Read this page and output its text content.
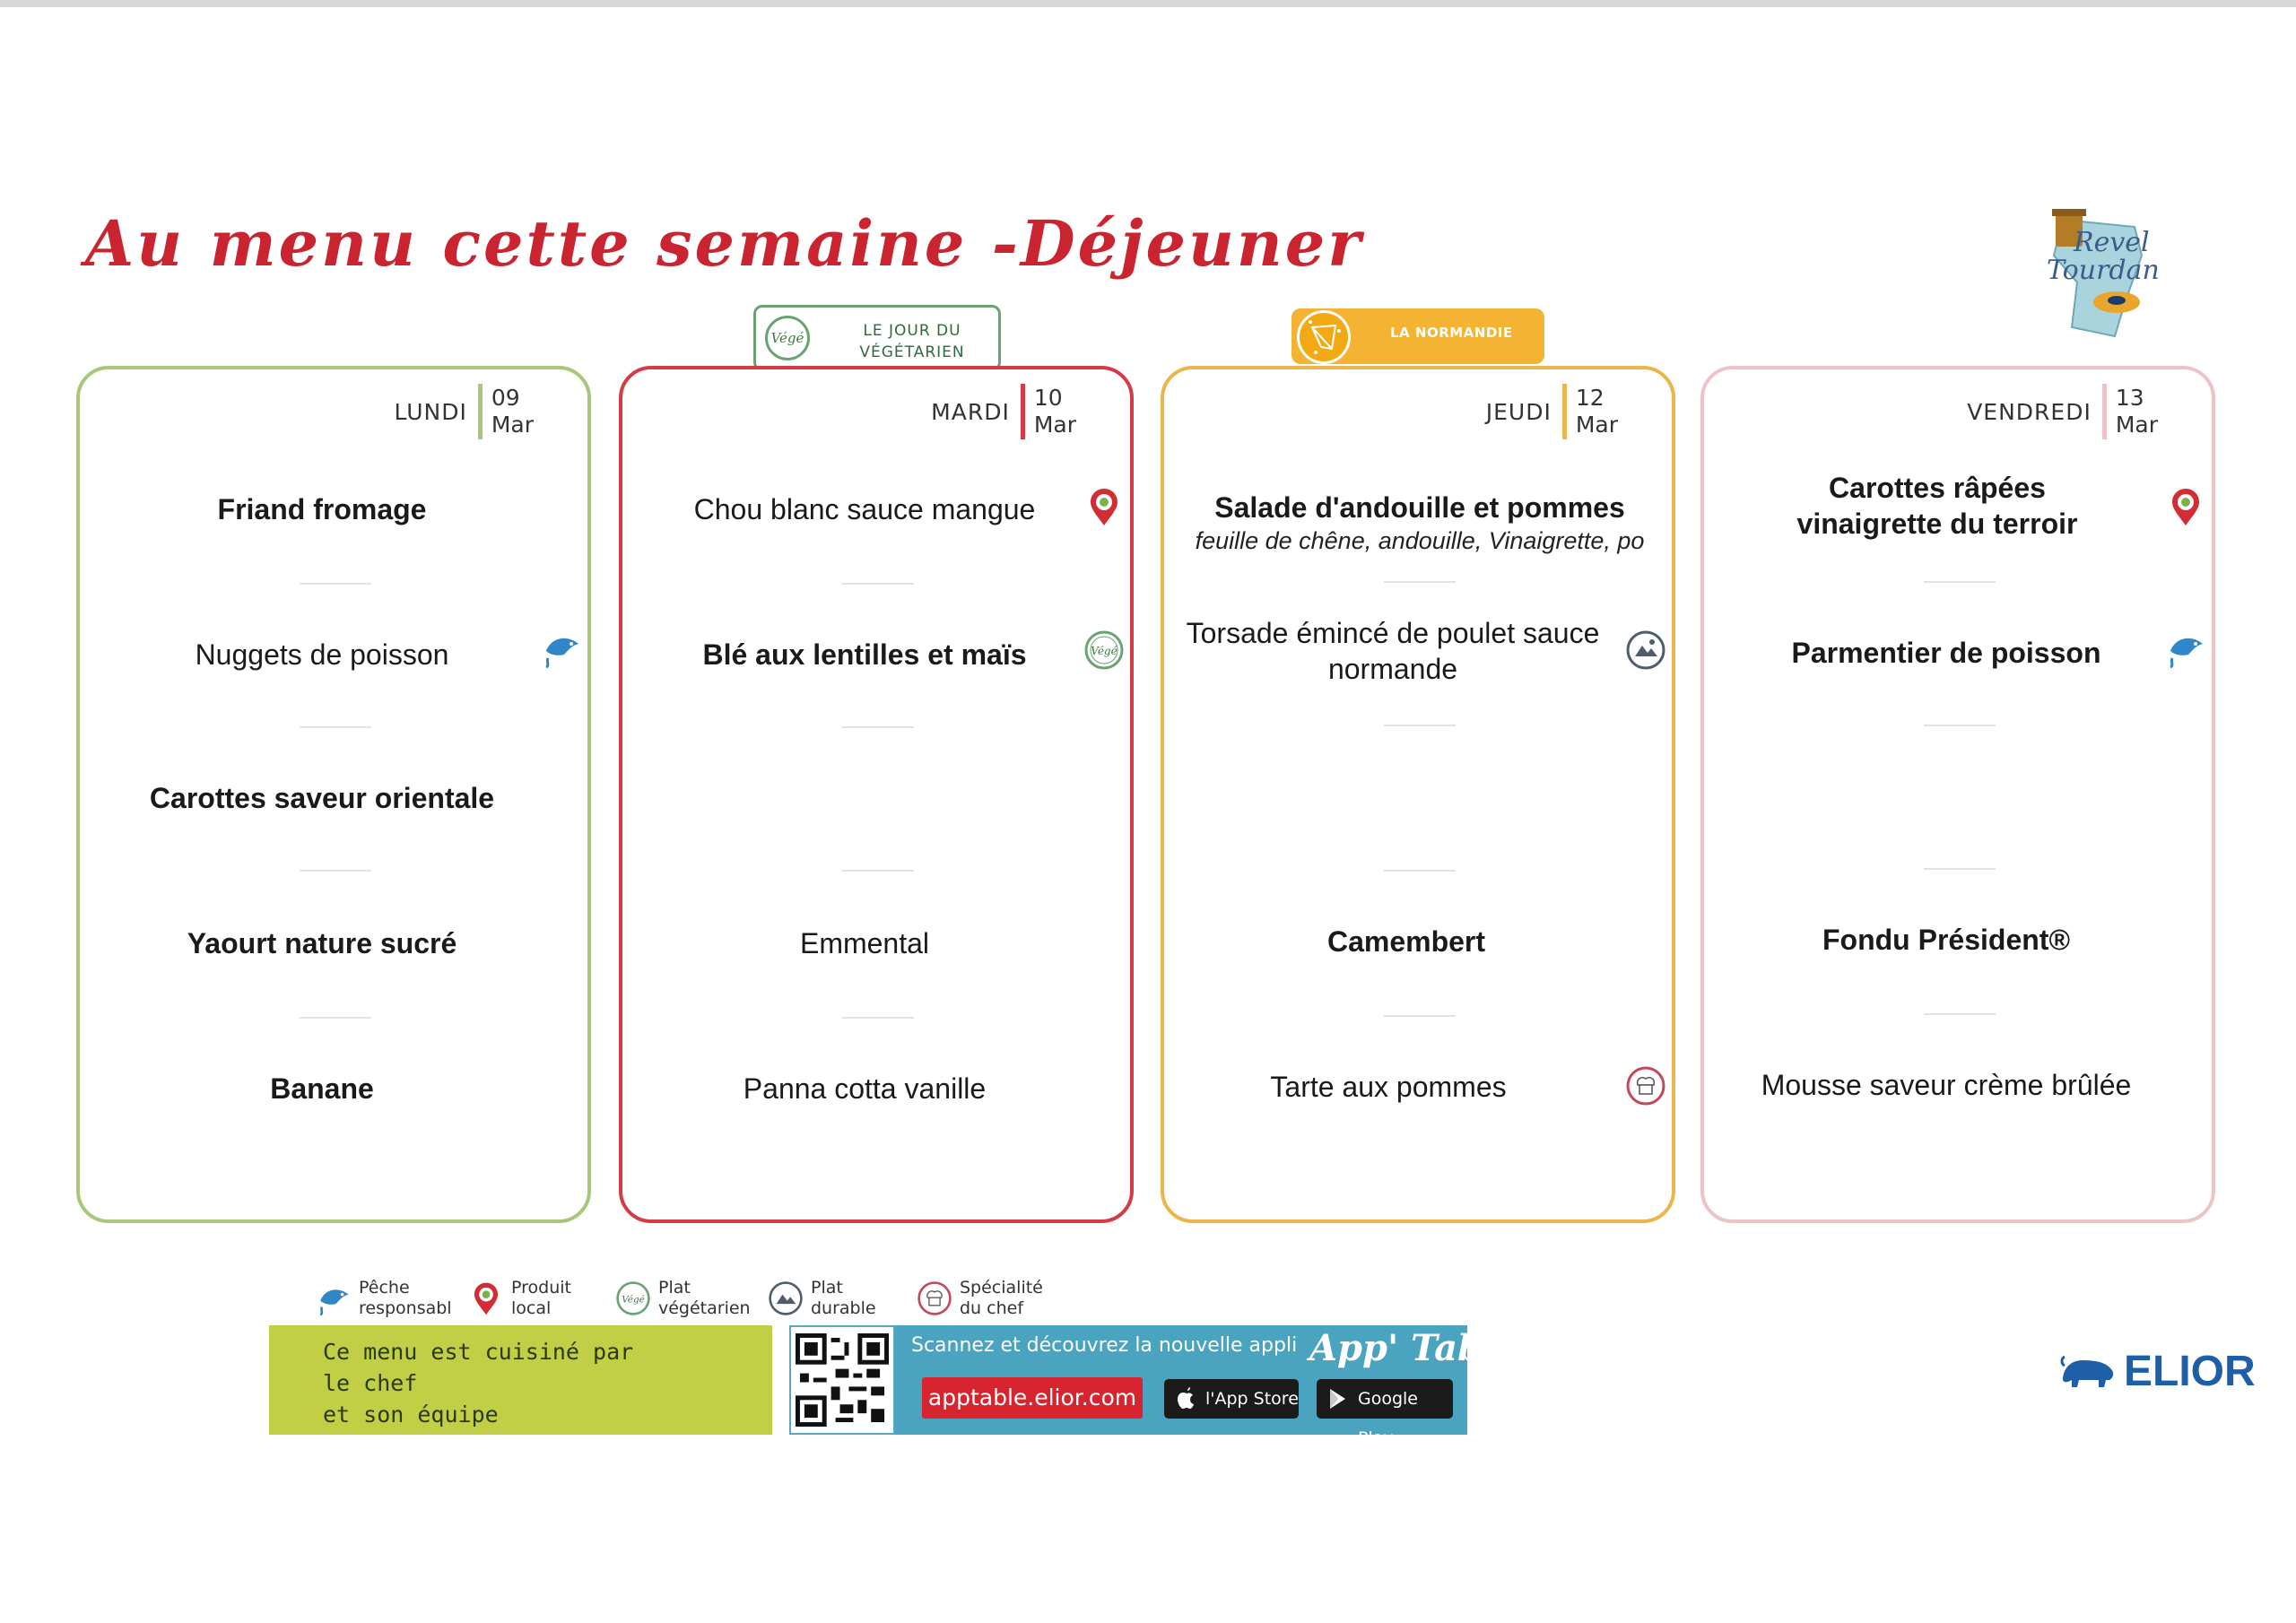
Au menu cette semaine -Déjeuner	Revel
Tourdan
Végé	LE JOUR DU
VÉGÉTARIEN
LA NORMANDIE
LUNDI
09
Mar
Friand fromage
Nuggets de poisson
Carottes saveur orientale
Yaourt nature sucré
Banane
MARDI
10
Mar
Chou blanc sauce mangue
Blé aux lentilles et maïs	Végé
Emmental
Panna cotta vanille
JEUDI
12
Mar
Salade d'andouille et pommes
feuille de chêne, andouille, Vinaigrette, po
Torsade émincé de poulet sauce normande
Camembert
Tarte aux pommes
VENDREDI
13
Mar
Carottes râpées vinaigrette du terroir
Parmentier de poisson
Fondu Président®
Mousse saveur crème brûlée
Pêche
responsabl
Produit
local	Végé
Plat
végétarien
Plat
durable
Spécialité
du chef
Ce menu est cuisiné par
le chef
et son équipe
Scannez et découvrez la nouvelle appli App' Table
apptable.elior.com	l'App Store	Google Play
ELIOR
